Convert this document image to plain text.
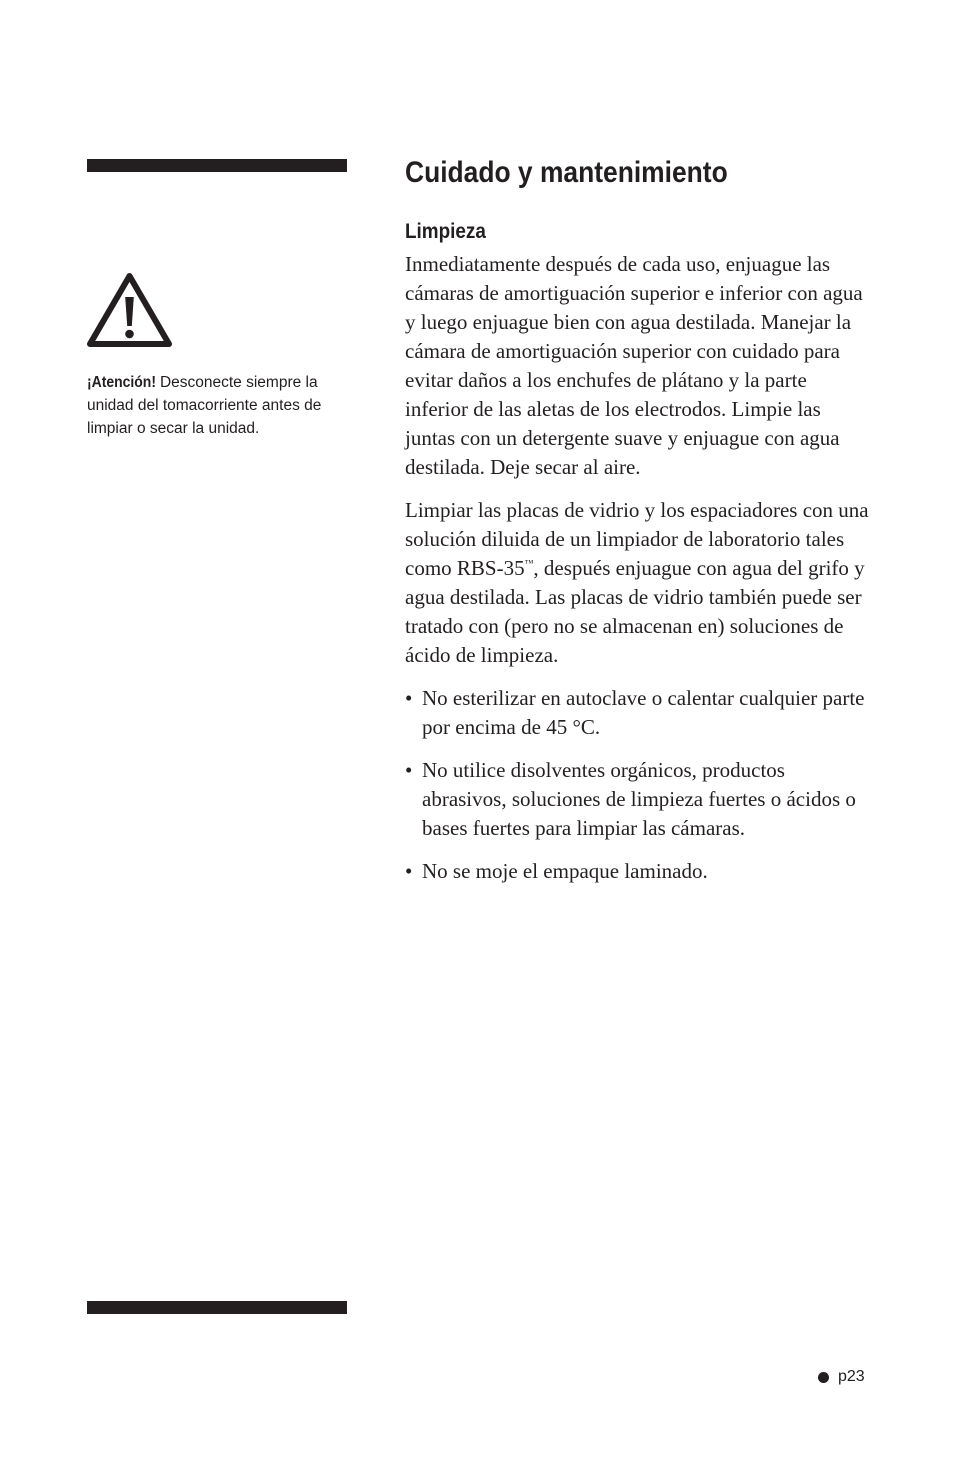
¡Atención! Desconecte siempre la unidad del tomacorriente antes de limpiar o secar la unidad.

Cuidado y mantenimiento
Limpieza

Inmediatamente después de cada uso, enjuague las cámaras de amortiguación superior e inferior con agua y luego enjuague bien con agua destilada. Manejar la cámara de amortiguación superior con cuidado para evitar daños a los enchufes de plátano y la parte inferior de las aletas de los electrodos. Limpie las juntas con un detergente suave y enjuague con agua destilada. Deje secar al aire.

Limpiar las placas de vidrio y los espaciadores con una solución diluida de un limpiador de laboratorio tales como RBS-35™, después enjuague con agua del grifo y agua destilada. Las placas de vidrio también puede ser tratado con (pero no se almacenan en) soluciones de ácido de limpieza.

• No esterilizar en autoclave o calentar cualquier parte por encima de 45 °C.
• No utilice disolventes orgánicos, productos abrasivos, soluciones de limpieza fuertes o ácidos o bases fuertes para limpiar las cámaras.
• No se moje el empaque laminado.
p23
